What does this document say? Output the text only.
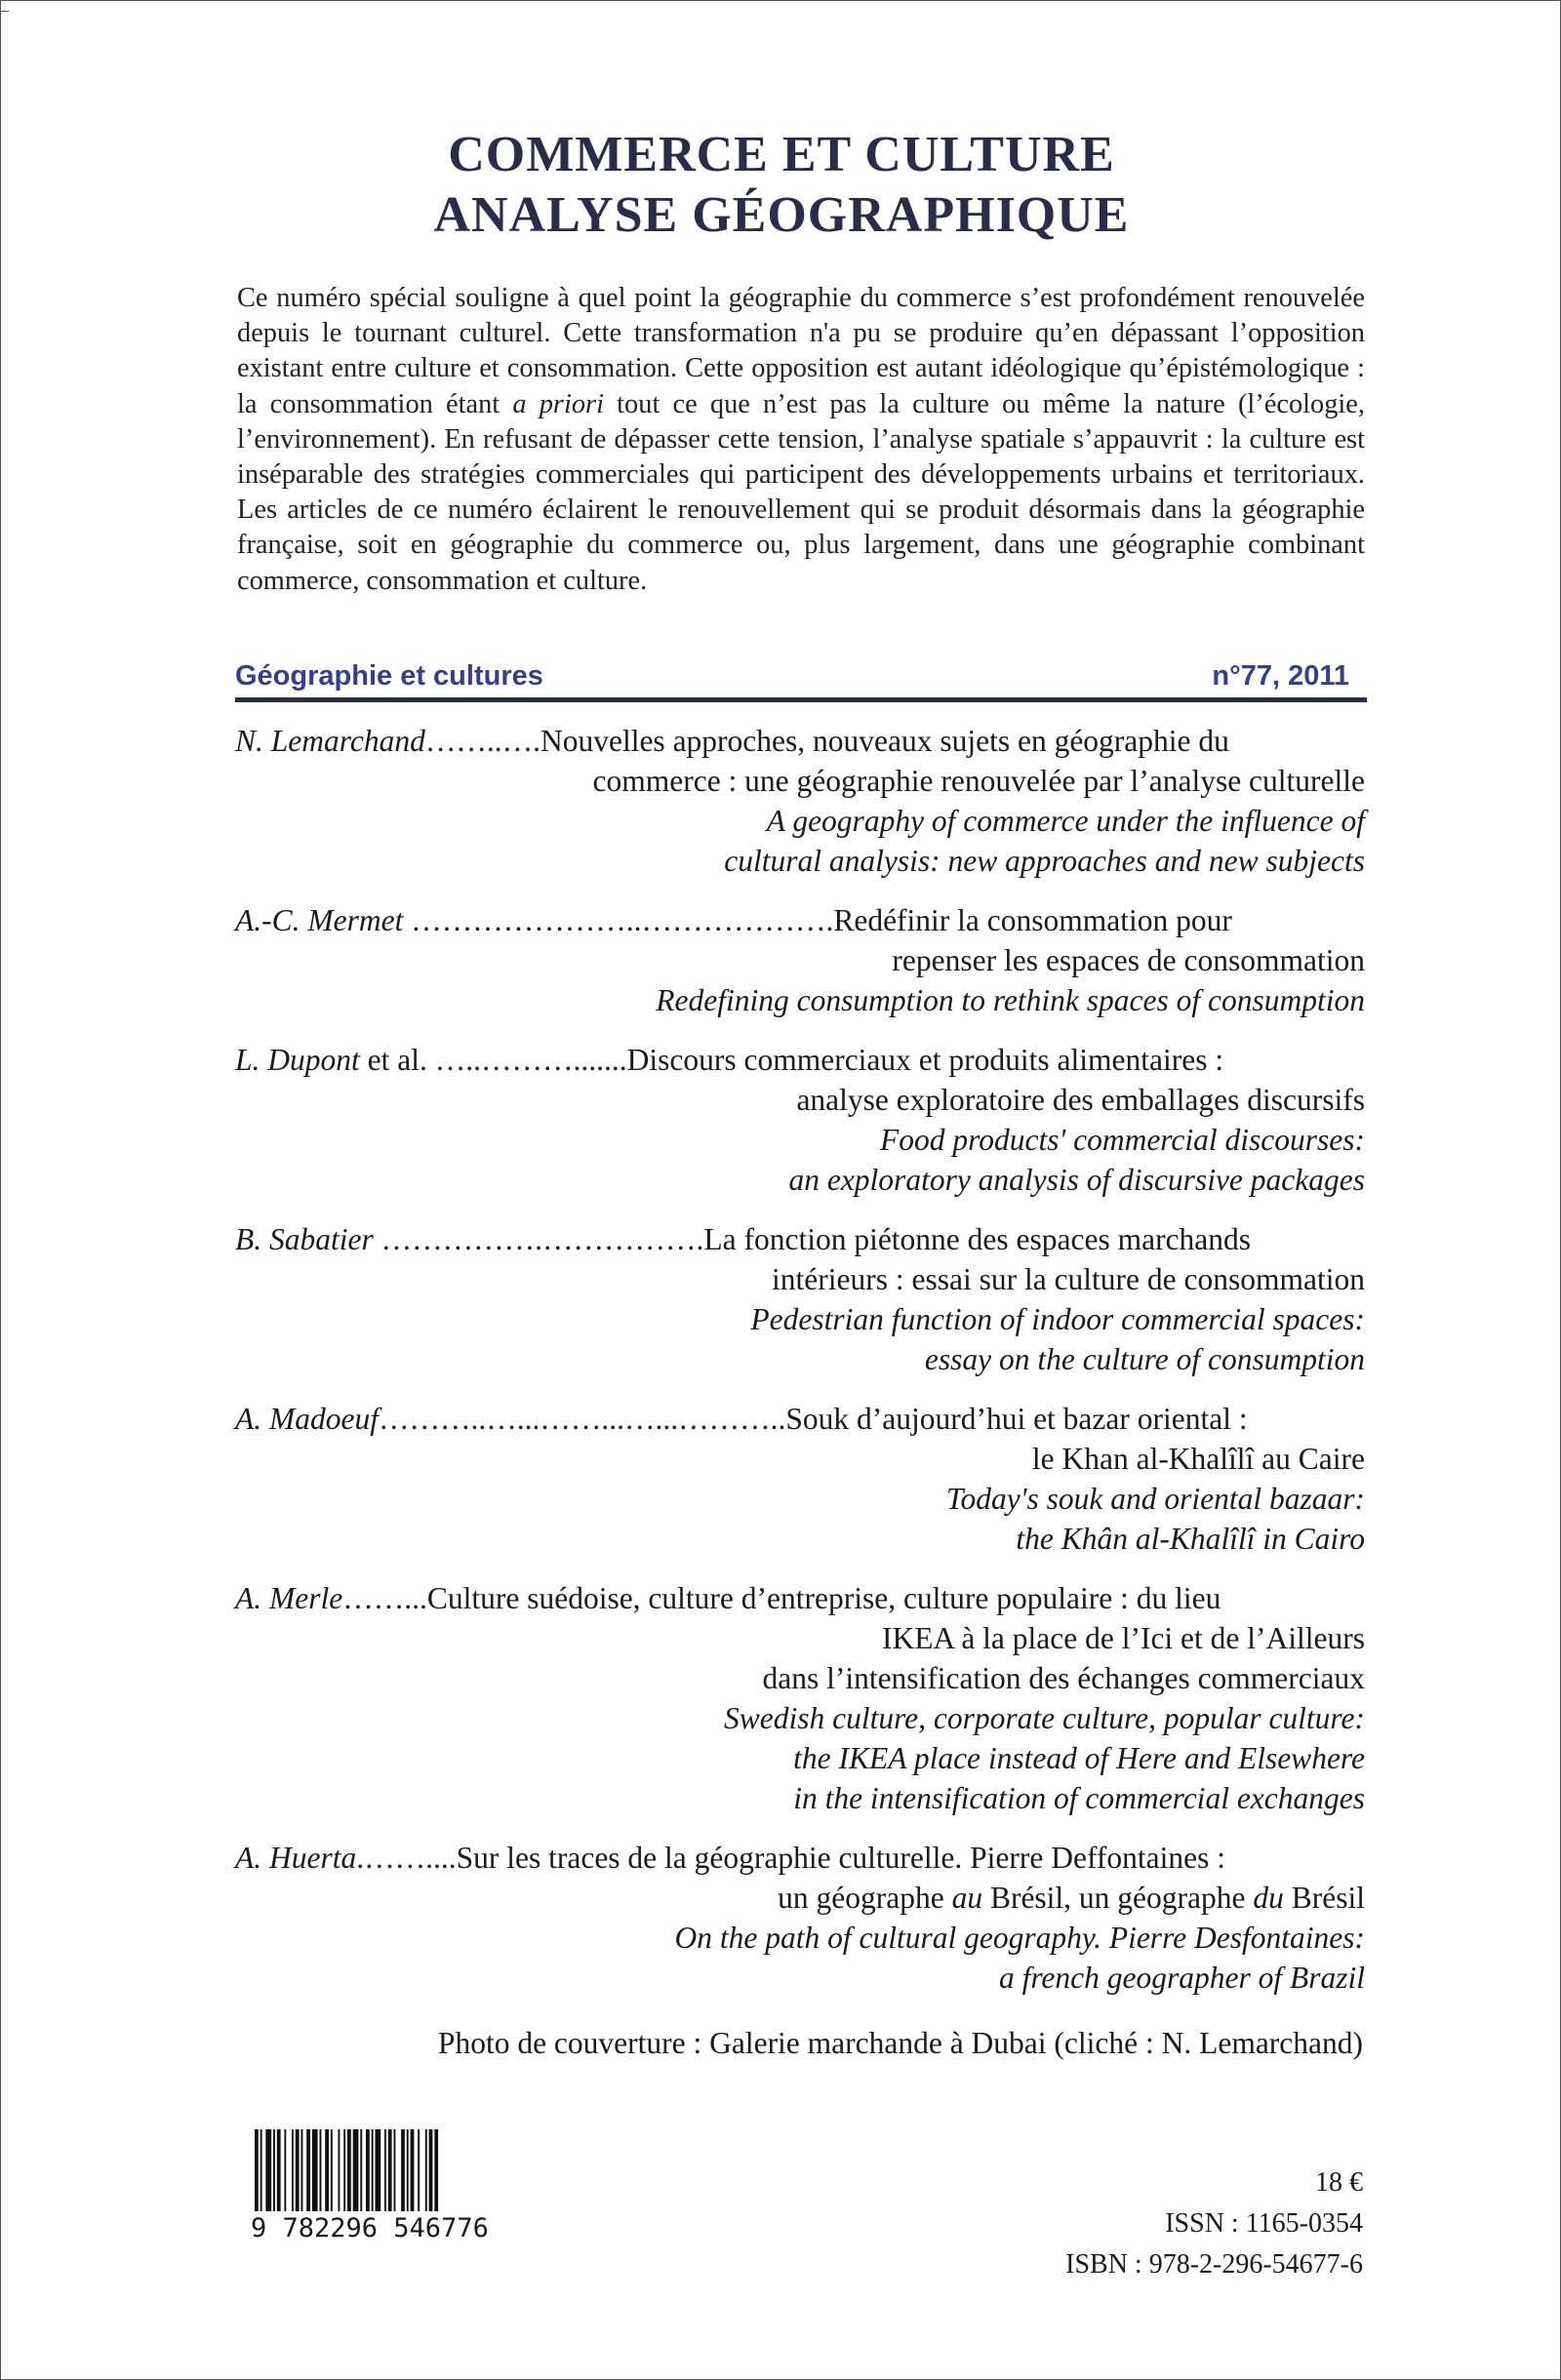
COMMERCE ET CULTURE
ANALYSE GÉOGRAPHIQUE

Ce numéro spécial souligne à quel point la géographie du commerce s’est profondément renouvelée depuis le tournant culturel. Cette transformation n'a pu se produire qu’en dépassant l’opposition existant entre culture et consommation. Cette opposition est autant idéologique qu’épistémologique : la consommation étant a priori tout ce que n’est pas la culture ou même la nature (l’écologie, l’environnement). En refusant de dépasser cette tension, l’analyse spatiale s’appauvrit : la culture est inséparable des stratégies commerciales qui participent des développements urbains et territoriaux. Les articles de ce numéro éclairent le renouvellement qui se produit désormais dans la géographie française, soit en géographie du commerce ou, plus largement, dans une géographie combinant commerce, consommation et culture.

Géographie et cultures	n°77, 2011
N. Lemarchand……..….Nouvelles approches, nouveaux sujets en géographie du
commerce : une géographie renouvelée par l’analyse culturelle
A geography of commerce under the influence of
cultural analysis: new approaches and new subjects
A.-C. Mermet …………………..……………….Redéfinir la consommation pour
repenser les espaces de consommation
Redefining consumption to rethink spaces of consumption
L. Dupont et al. …..……….......Discours commerciaux et produits alimentaires :
analyse exploratoire des emballages discursifs
Food products' commercial discourses:
an exploratory analysis of discursive packages
B. Sabatier …………….…………….La fonction piétonne des espaces marchands
intérieurs : essai sur la culture de consommation
Pedestrian function of indoor commercial spaces:
essay on the culture of consumption
A. Madoeuf………..…...……...…...………..Souk d’aujourd’hui et bazar oriental :
le Khan al-Khalîlî au Caire
Today's souk and oriental bazaar:
the Khân al-Khalîlî in Cairo
A. Merle……...Culture suédoise, culture d’entreprise, culture populaire : du lieu
IKEA à la place de l’Ici et de l’Ailleurs
dans l’intensification des échanges commerciaux
Swedish culture, corporate culture, popular culture:
the IKEA place instead of Here and Elsewhere
in the intensification of commercial exchanges
A. Huerta.……....Sur les traces de la géographie culturelle. Pierre Deffontaines :
un géographe au Brésil, un géographe du Brésil
On the path of cultural geography. Pierre Desfontaines:
a french geographer of Brazil
Photo de couverture : Galerie marchande à Dubai (cliché : N. Lemarchand)
9 782296 546776
18 €
ISSN : 1165-0354
ISBN : 978-2-296-54677-6
